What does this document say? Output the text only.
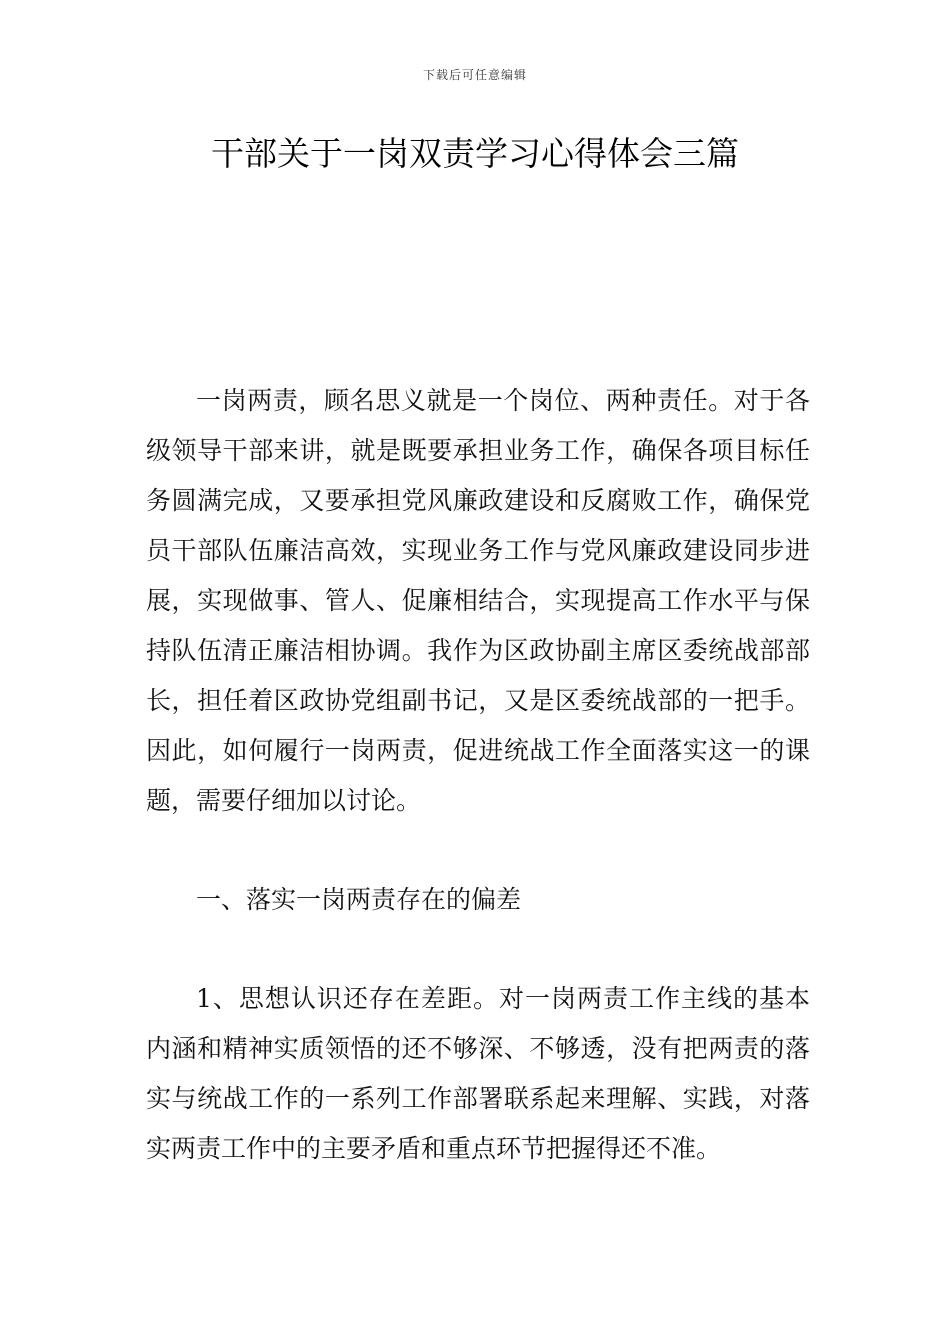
下载后可任意编辑
干部关于一岗双责学习心得体会三篇

一岗两责，顾名思义就是一个岗位、两种责任。对于各级领导干部来讲，就是既要承担业务工作，确保各项目标任务圆满完成，又要承担党风廉政建设和反腐败工作，确保党员干部队伍廉洁高效，实现业务工作与党风廉政建设同步进展，实现做事、管人、促廉相结合，实现提高工作水平与保持队伍清正廉洁相协调。我作为区政协副主席区委统战部部长，担任着区政协党组副书记，又是区委统战部的一把手。因此，如何履行一岗两责，促进统战工作全面落实这一的课题，需要仔细加以讨论。

一、落实一岗两责存在的偏差

1、思想认识还存在差距。对一岗两责工作主线的基本内涵和精神实质领悟的还不够深、不够透，没有把两责的落实与统战工作的一系列工作部署联系起来理解、实践，对落实两责工作中的主要矛盾和重点环节把握得还不准。
